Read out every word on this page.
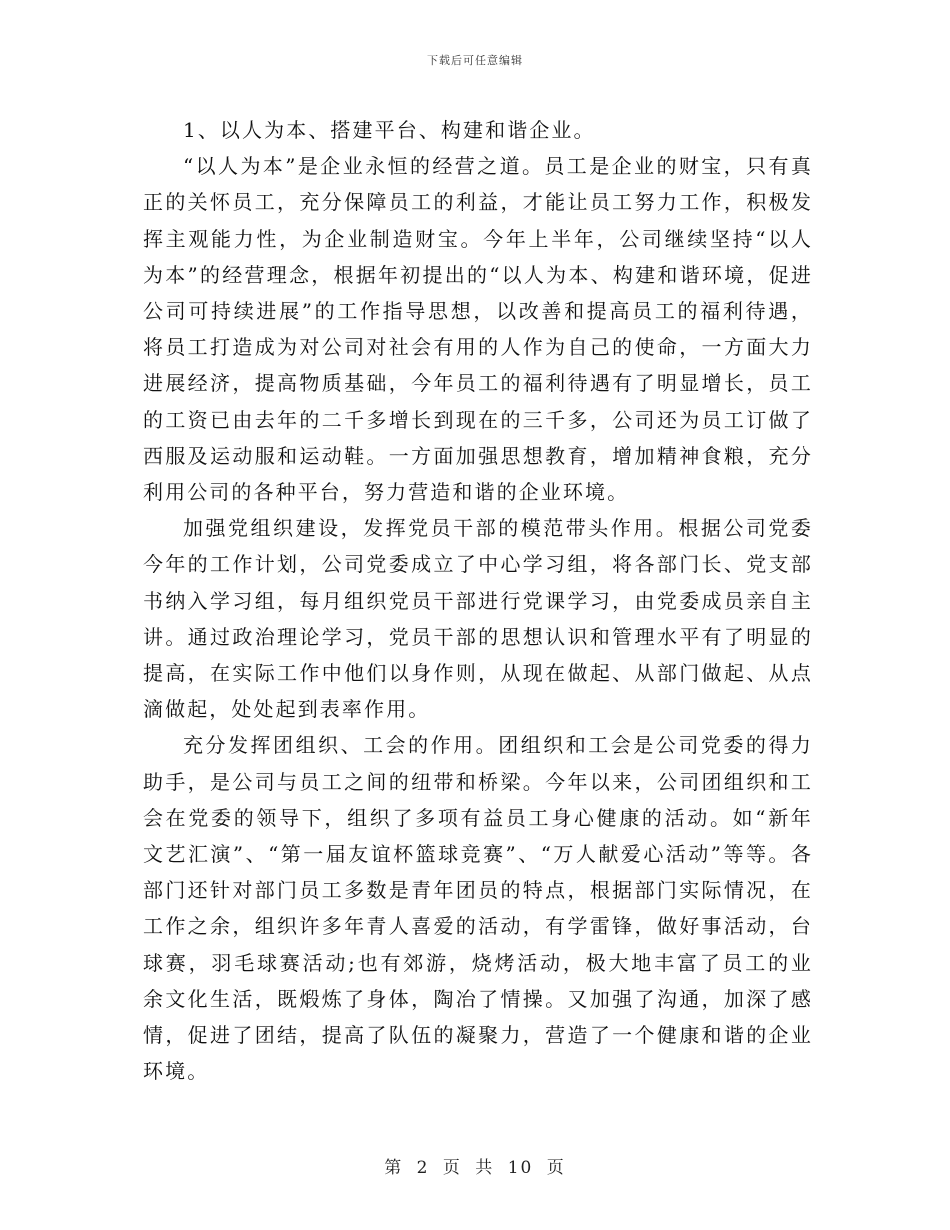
下载后可任意编辑

1、以人为本、搭建平台、构建和谐企业。

“以人为本”是企业永恒的经营之道。员工是企业的财宝，只有真正的关怀员工，充分保障员工的利益，才能让员工努力工作，积极发挥主观能力性，为企业制造财宝。今年上半年，公司继续坚持“以人为本”的经营理念，根据年初提出的“以人为本、构建和谐环境，促进公司可持续进展”的工作指导思想，以改善和提高员工的福利待遇，将员工打造成为对公司对社会有用的人作为自己的使命，一方面大力进展经济，提高物质基础，今年员工的福利待遇有了明显增长，员工的工资已由去年的二千多增长到现在的三千多，公司还为员工订做了西服及运动服和运动鞋。一方面加强思想教育，增加精神食粮，充分利用公司的各种平台，努力营造和谐的企业环境。

加强党组织建设，发挥党员干部的模范带头作用。根据公司党委今年的工作计划，公司党委成立了中心学习组，将各部门长、党支部书纳入学习组，每月组织党员干部进行党课学习，由党委成员亲自主讲。通过政治理论学习，党员干部的思想认识和管理水平有了明显的提高，在实际工作中他们以身作则，从现在做起、从部门做起、从点滴做起，处处起到表率作用。

充分发挥团组织、工会的作用。团组织和工会是公司党委的得力助手，是公司与员工之间的纽带和桥梁。今年以来，公司团组织和工会在党委的领导下，组织了多项有益员工身心健康的活动。如“新年文艺汇演”、“第一届友谊杯篮球竞赛”、“万人献爱心活动”等等。各部门还针对部门员工多数是青年团员的特点，根据部门实际情况，在工作之余，组织许多年青人喜爱的活动，有学雷锋，做好事活动，台球赛，羽毛球赛活动;也有郊游，烧烤活动，极大地丰富了员工的业余文化生活，既煅炼了身体，陶冶了情操。又加强了沟通，加深了感情，促进了团结，提高了队伍的凝聚力，营造了一个健康和谐的企业环境。

第 2 页 共 10 页
